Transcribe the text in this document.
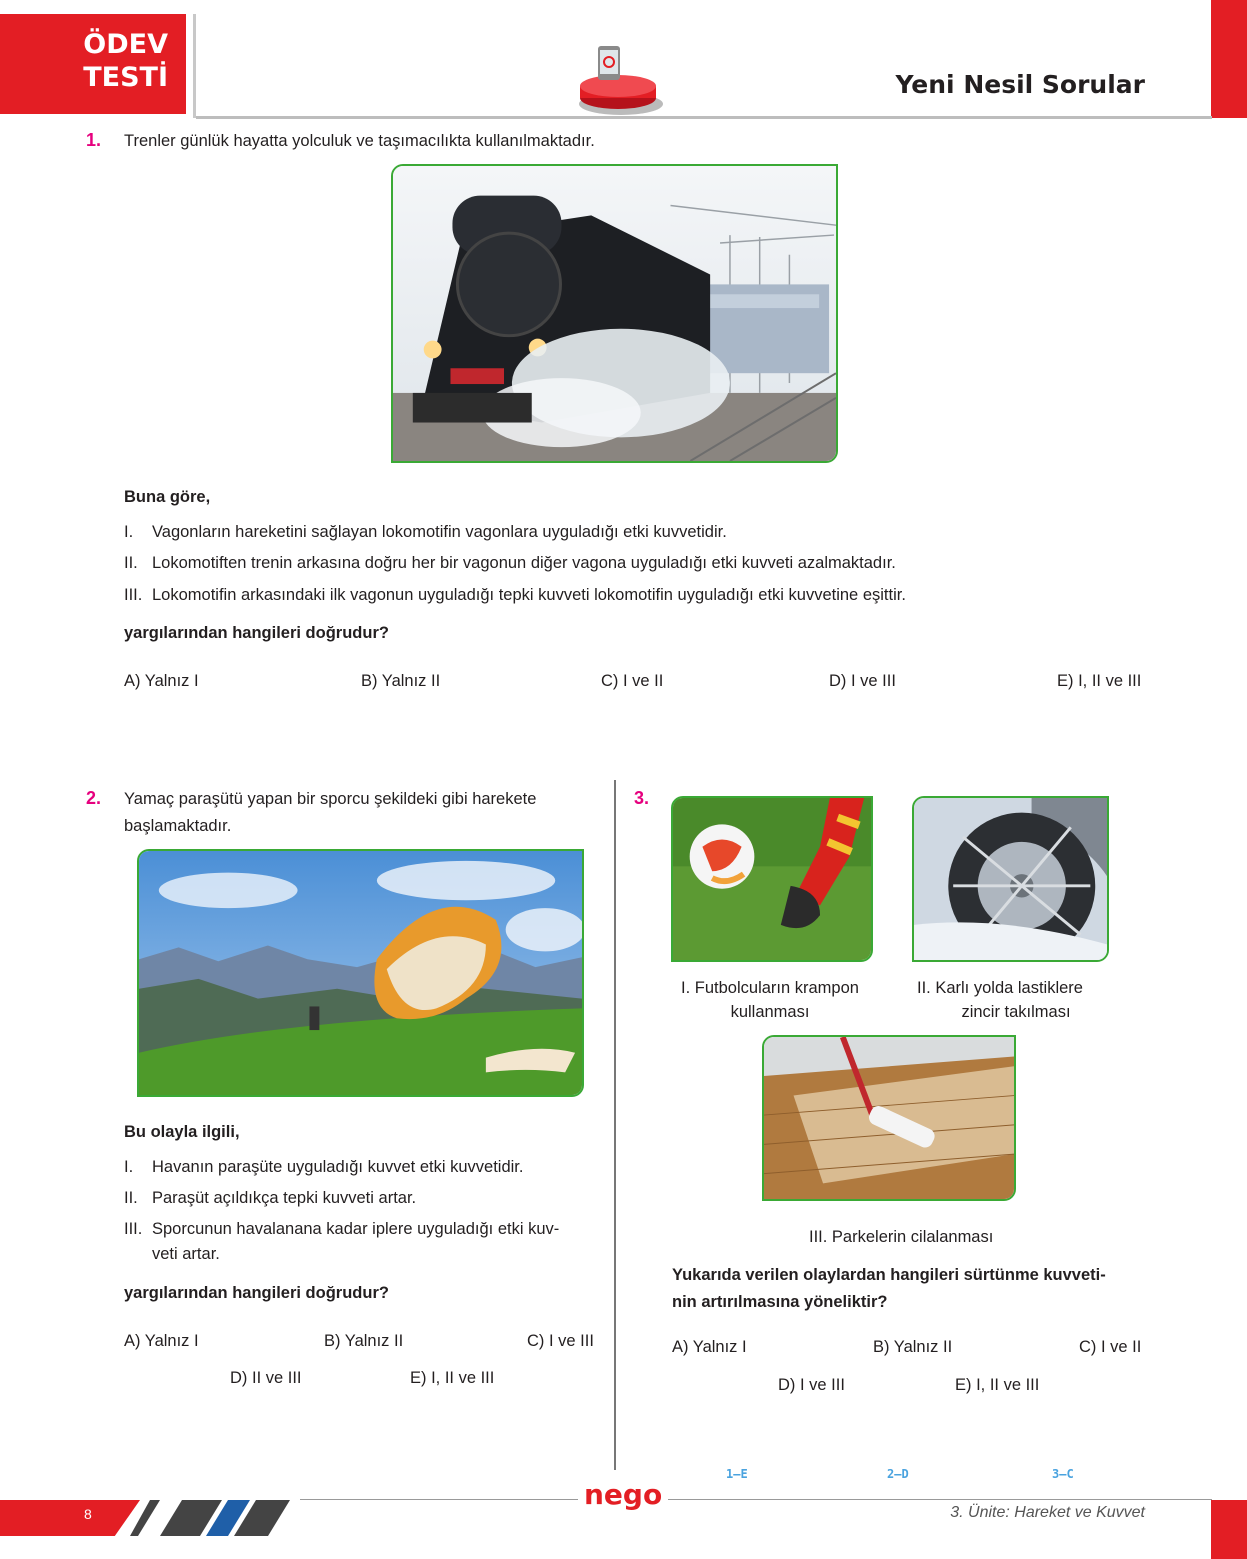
ÖDEV
TESTİ	Yeni Nesil Sorular
1. Trenler günlük hayatta yolculuk ve taşımacılıkta kullanılmaktadır.
Buna göre,
I. Vagonların hareketini sağlayan lokomotifin vagonlara uyguladığı etki kuvvetidir.
II. Lokomotiften trenin arkasına doğru her bir vagonun diğer vagona uyguladığı etki kuvveti azalmaktadır.
III. Lokomotifin arkasındaki ilk vagonun uyguladığı tepki kuvveti lokomotifin uyguladığı etki kuvvetine eşittir.
yargılarından hangileri doğrudur?
A) Yalnız I	B) Yalnız II	C) I ve II	D) I ve III	E) I, II ve III
2. Yamaç paraşütü yapan bir sporcu şekildeki gibi harekete
başlamaktadır.
Bu olayla ilgili,
I. Havanın paraşüte uyguladığı kuvvet etki kuvvetidir.
II. Paraşüt açıldıkça tepki kuvveti artar.
III. Sporcunun havalanana kadar iplere uyguladığı etki kuv-
veti artar.
yargılarından hangileri doğrudur?
A) Yalnız I	B) Yalnız II	C) I ve III
D) II ve III	E) I, II ve III
3.
I. Futbolcuların krampon
kullanması
II. Karlı yolda lastiklere
zincir takılması
III. Parkelerin cilalanması
Yukarıda verilen olaylardan hangileri sürtünme kuvveti-
nin artırılmasına yöneliktir?
A) Yalnız I	B) Yalnız II	C) I ve II
D) I ve III	E) I, II ve III
1–E	2–D	3–C
8
nego
3. Ünite: Hareket ve Kuvvet
